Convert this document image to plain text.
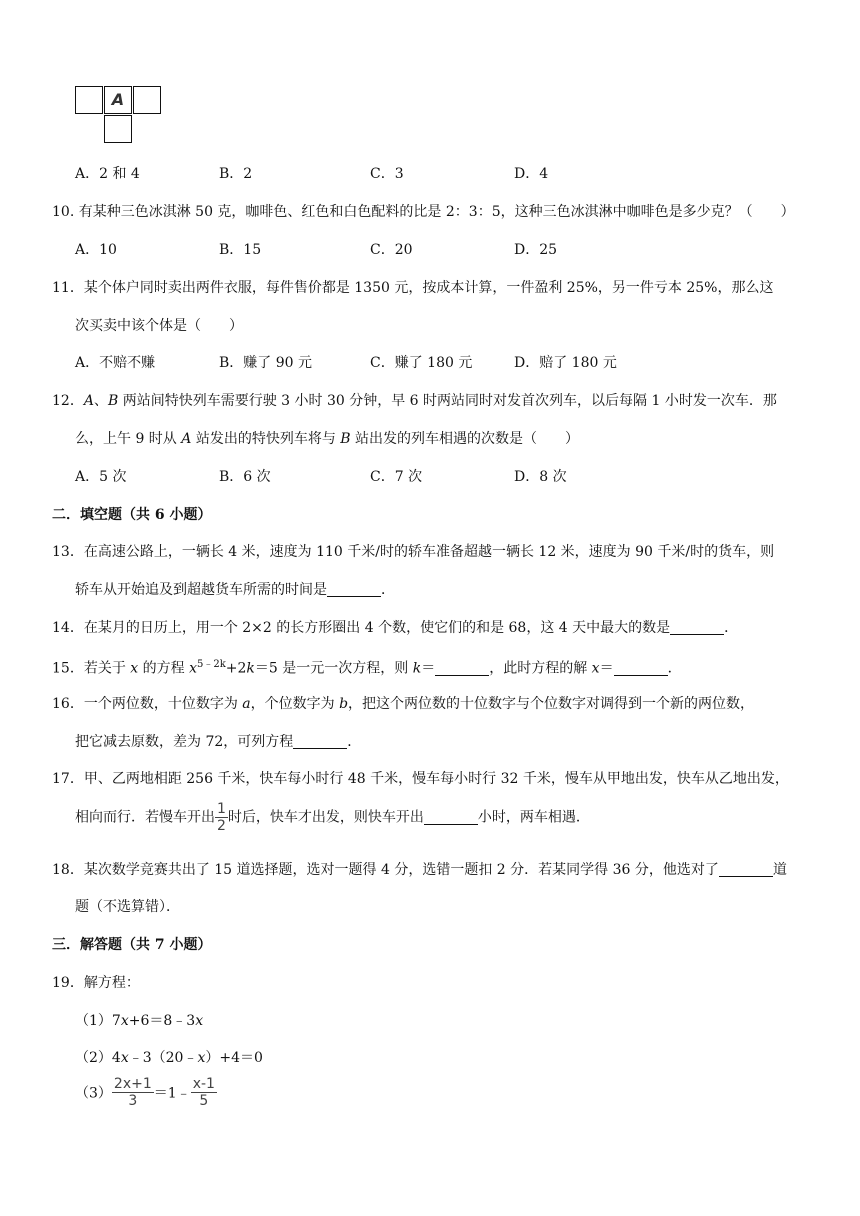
A
A．2 和 4	B．2	C．3	D．4
10. 有某种三色冰淇淋 50 克，咖啡色、红色和白色配料的比是 2：3：5，这种三色冰淇淋中咖啡色是多少克？（　　）
A．10	B．15	C．20	D．25
11．某个体户同时卖出两件衣服，每件售价都是 1350 元，按成本计算，一件盈利 25%，另一件亏本 25%，那么这
次买卖中该个体是（　　）
A．不赔不赚	B．赚了 90 元	C．赚了 180 元	D．赔了 180 元
12．A、B 两站间特快列车需要行驶 3 小时 30 分钟，早 6 时两站同时对发首次列车，以后每隔 1 小时发一次车．那
么，上午 9 时从 A 站发出的特快列车将与 B 站出发的列车相遇的次数是（　　）
A．5 次	B．6 次	C．7 次	D．8 次
二．填空题（共 6 小题）
13．在高速公路上，一辆长 4 米，速度为 110 千米/时的轿车准备超越一辆长 12 米，速度为 90 千米/时的货车，则
轿车从开始追及到超越货车所需的时间是	．
14．在某月的日历上，用一个 2×2 的长方形圈出 4 个数，使它们的和是 68，这 4 天中最大的数是	．
15．若关于 x 的方程 $x^{5﹣2k}+2k=5$ 是一元一次方程，则 k＝	，此时方程的解 x＝	．
16．一个两位数，十位数字为 a，个位数字为 b，把这个两位数的十位数字与个位数字对调得到一个新的两位数，
把它减去原数，差为 72，可列方程	．
17．甲、乙两地相距 256 千米，快车每小时行 48 千米，慢车每小时行 32 千米，慢车从甲地出发，快车从乙地出发，
相向而行．若慢车开出 $\frac{1}{2}$ 时后，快车才出发，则快车开出	小时，两车相遇．
18．某次数学竞赛共出了 15 道选择题，选对一题得 4 分，选错一题扣 2 分．若某同学得 36 分，他选对了	道
题（不选算错）．
三．解答题（共 7 小题）
19．解方程：
（1）7x+6＝8﹣3x
（2）4x﹣3（20﹣x）+4＝0
$(3) \frac{2x+1}{3}$ ＝1﹣ $\frac{x-1}{5}$
